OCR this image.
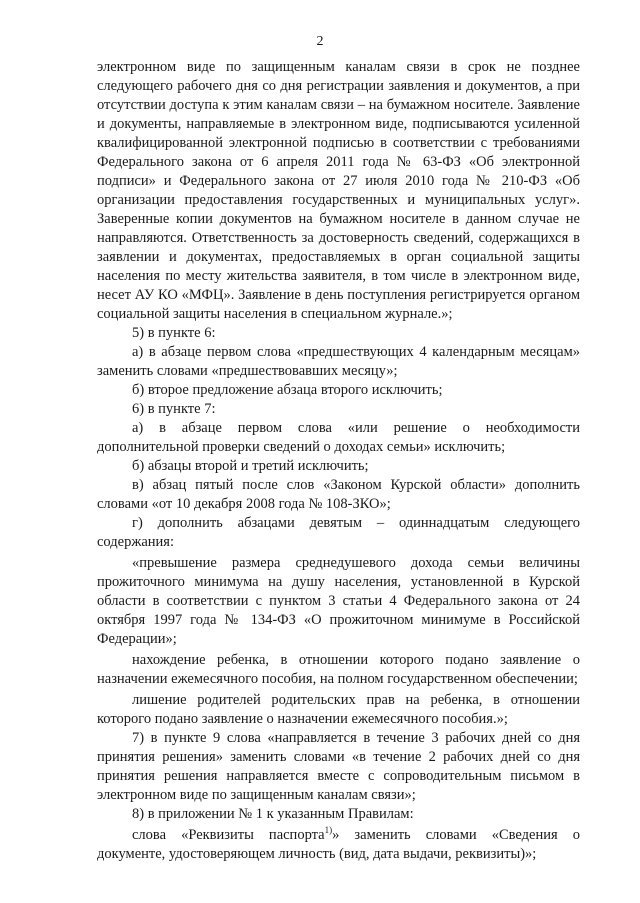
2

электронном виде по защищенным каналам связи в срок не позднее следующего рабочего дня со дня регистрации заявления и документов, а при отсутствии доступа к этим каналам связи – на бумажном носителе. Заявление и документы, направляемые в электронном виде, подписываются усиленной квалифицированной электронной подписью в соответствии с требованиями Федерального закона от 6 апреля 2011 года № 63-ФЗ «Об электронной подписи» и Федерального закона от 27 июля 2010 года № 210-ФЗ «Об организации предоставления государственных и муниципальных услуг». Заверенные копии документов на бумажном носителе в данном случае не направляются. Ответственность за достоверность сведений, содержащихся в заявлении и документах, предоставляемых в орган социальной защиты населения по месту жительства заявителя, в том числе в электронном виде, несет АУ КО «МФЦ». Заявление в день поступления регистрируется органом социальной защиты населения в специальном журнале.»;

5) в пункте 6:

а) в абзаце первом слова «предшествующих 4 календарным месяцам» заменить словами «предшествовавших месяцу»;

б) второе предложение абзаца второго исключить;

6) в пункте 7:

а) в абзаце первом слова «или решение о необходимости дополнительной проверки сведений о доходах семьи» исключить;

б) абзацы второй и третий исключить;

в) абзац пятый после слов «Законом Курской области» дополнить словами «от 10 декабря 2008 года № 108-ЗКО»;

г) дополнить абзацами девятым – одиннадцатым следующего содержания:

«превышение размера среднедушевого дохода семьи величины прожиточного минимума на душу населения, установленной в Курской области в соответствии с пунктом 3 статьи 4 Федерального закона от 24 октября 1997 года № 134-ФЗ «О прожиточном минимуме в Российской Федерации»;

нахождение ребенка, в отношении которого подано заявление о назначении ежемесячного пособия, на полном государственном обеспечении;

лишение родителей родительских прав на ребенка, в отношении которого подано заявление о назначении ежемесячного пособия.»;

7) в пункте 9 слова «направляется в течение 3 рабочих дней со дня принятия решения» заменить словами «в течение 2 рабочих дней со дня принятия решения направляется вместе с сопроводительным письмом в электронном виде по защищенным каналам связи»;

8) в приложении № 1 к указанным Правилам:

слова «Реквизиты паспорта$^{1)}$» заменить словами «Сведения о документе, удостоверяющем личность (вид, дата выдачи, реквизиты)»;
